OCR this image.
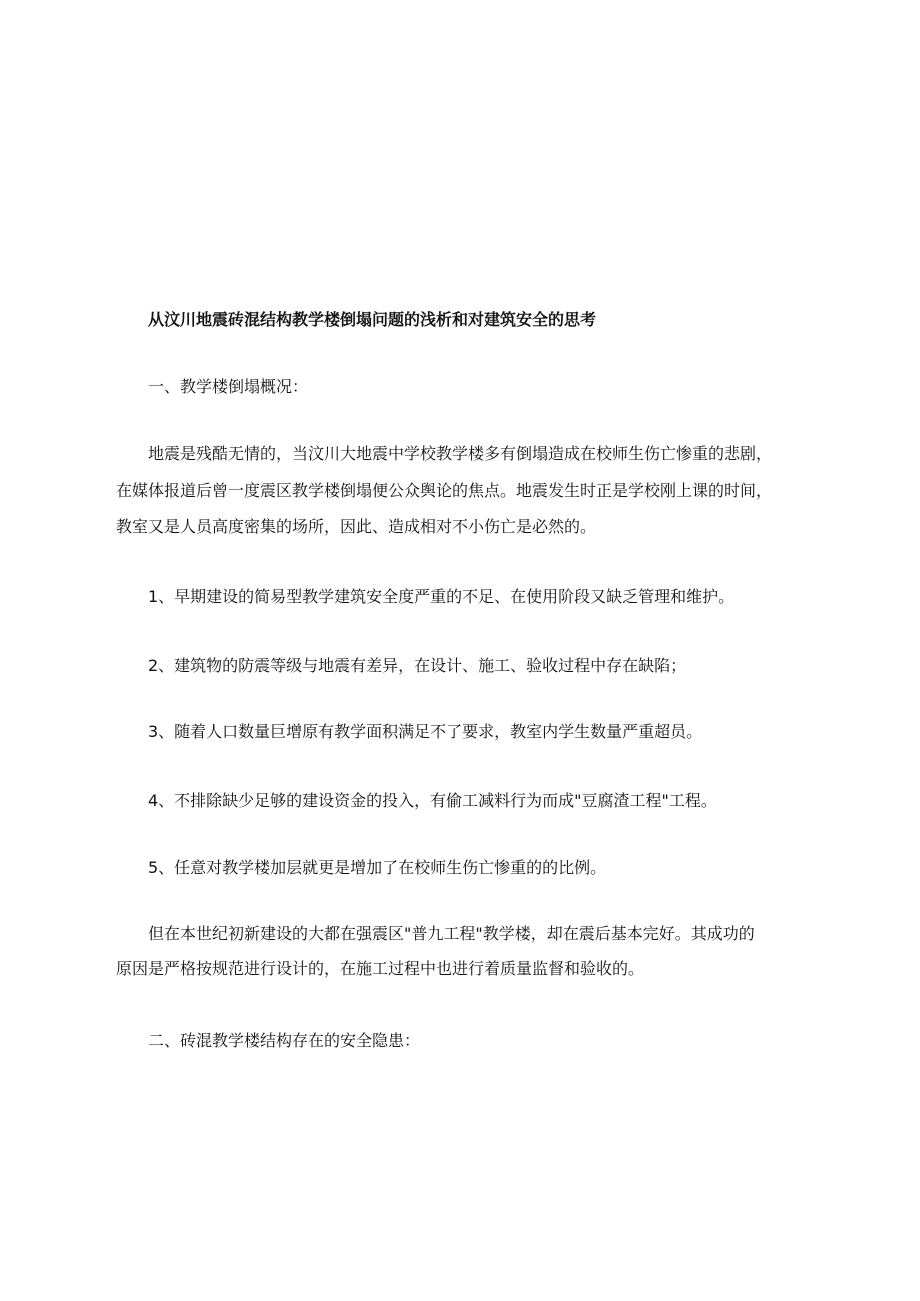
从汶川地震砖混结构教学楼倒塌问题的浅析和对建筑安全的思考
一、教学楼倒塌概况：
地震是残酷无情的，当汶川大地震中学校教学楼多有倒塌造成在校师生伤亡惨重的悲剧，
在媒体报道后曾一度震区教学楼倒塌便公众舆论的焦点。地震发生时正是学校刚上课的时间，
教室又是人员高度密集的场所，因此、造成相对不小伤亡是必然的。
1、早期建设的简易型教学建筑安全度严重的不足、在使用阶段又缺乏管理和维护。
2、建筑物的防震等级与地震有差异，在设计、施工、验收过程中存在缺陷；
3、随着人口数量巨增原有教学面积满足不了要求，教室内学生数量严重超员。
4、不排除缺少足够的建设资金的投入，有偷工减料行为而成"豆腐渣工程"工程。
5、任意对教学楼加层就更是增加了在校师生伤亡惨重的的比例。
但在本世纪初新建设的大都在强震区"普九工程"教学楼，却在震后基本完好。其成功的
原因是严格按规范进行设计的，在施工过程中也进行着质量监督和验收的。
二、砖混教学楼结构存在的安全隐患：
